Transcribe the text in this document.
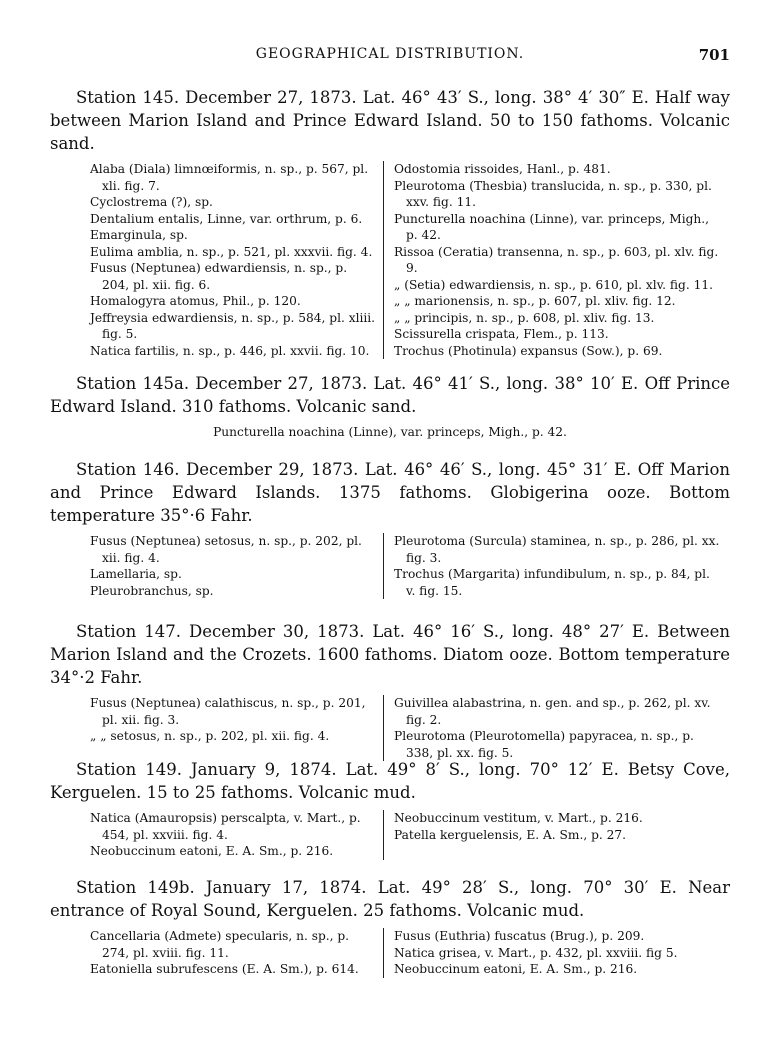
GEOGRAPHICAL DISTRIBUTION.	701
Station 145. December 27, 1873. Lat. 46° 43′ S., long. 38° 4′ 30″ E. Half way between Marion Island and Prince Edward Island. 50 to 150 fathoms. Volcanic sand.

Alaba (Diala) limnœiformis, n. sp., p. 567, pl. xli. fig. 7.

Cyclostrema (?), sp.

Dentalium entalis, Linne, var. orthrum, p. 6.

Emarginula, sp.

Eulima amblia, n. sp., p. 521, pl. xxxvii. fig. 4.

Fusus (Neptunea) edwardiensis, n. sp., p. 204, pl. xii. fig. 6.

Homalogyra atomus, Phil., p. 120.

Jeffreysia edwardiensis, n. sp., p. 584, pl. xliii. fig. 5.

Natica fartilis, n. sp., p. 446, pl. xxvii. fig. 10.

Odostomia rissoides, Hanl., p. 481.

Pleurotoma (Thesbia) translucida, n. sp., p. 330, pl. xxv. fig. 11.

Puncturella noachina (Linne), var. princeps, Migh., p. 42.

Rissoa (Ceratia) transenna, n. sp., p. 603, pl. xlv. fig. 9.

„ (Setia) edwardiensis, n. sp., p. 610, pl. xlv. fig. 11.

„ „ marionensis, n. sp., p. 607, pl. xliv. fig. 12.

„ „ principis, n. sp., p. 608, pl. xliv. fig. 13.

Scissurella crispata, Flem., p. 113.

Trochus (Photinula) expansus (Sow.), p. 69.

Station 145a. December 27, 1873. Lat. 46° 41′ S., long. 38° 10′ E. Off Prince Edward Island. 310 fathoms. Volcanic sand.
Puncturella noachina (Linne), var. princeps, Migh., p. 42.
Station 146. December 29, 1873. Lat. 46° 46′ S., long. 45° 31′ E. Off Marion and Prince Edward Islands. 1375 fathoms. Globigerina ooze. Bottom temperature 35°·6 Fahr.

Fusus (Neptunea) setosus, n. sp., p. 202, pl. xii. fig. 4.

Lamellaria, sp.

Pleurobranchus, sp.

Pleurotoma (Surcula) staminea, n. sp., p. 286, pl. xx. fig. 3.

Trochus (Margarita) infundibulum, n. sp., p. 84, pl. v. fig. 15.

Station 147. December 30, 1873. Lat. 46° 16′ S., long. 48° 27′ E. Between Marion Island and the Crozets. 1600 fathoms. Diatom ooze. Bottom temperature 34°·2 Fahr.

Fusus (Neptunea) calathiscus, n. sp., p. 201, pl. xii. fig. 3.

„ „ setosus, n. sp., p. 202, pl. xii. fig. 4.

Guivillea alabastrina, n. gen. and sp., p. 262, pl. xv. fig. 2.

Pleurotoma (Pleurotomella) papyracea, n. sp., p. 338, pl. xx. fig. 5.

Station 149. January 9, 1874. Lat. 49° 8′ S., long. 70° 12′ E. Betsy Cove, Kerguelen. 15 to 25 fathoms. Volcanic mud.

Natica (Amauropsis) perscalpta, v. Mart., p. 454, pl. xxviii. fig. 4.

Neobuccinum eatoni, E. A. Sm., p. 216.

Neobuccinum vestitum, v. Mart., p. 216.

Patella kerguelensis, E. A. Sm., p. 27.

Station 149b. January 17, 1874. Lat. 49° 28′ S., long. 70° 30′ E. Near entrance of Royal Sound, Kerguelen. 25 fathoms. Volcanic mud.

Cancellaria (Admete) specularis, n. sp., p. 274, pl. xviii. fig. 11.

Eatoniella subrufescens (E. A. Sm.), p. 614.

Fusus (Euthria) fuscatus (Brug.), p. 209.

Natica grisea, v. Mart., p. 432, pl. xxviii. fig 5.

Neobuccinum eatoni, E. A. Sm., p. 216.
